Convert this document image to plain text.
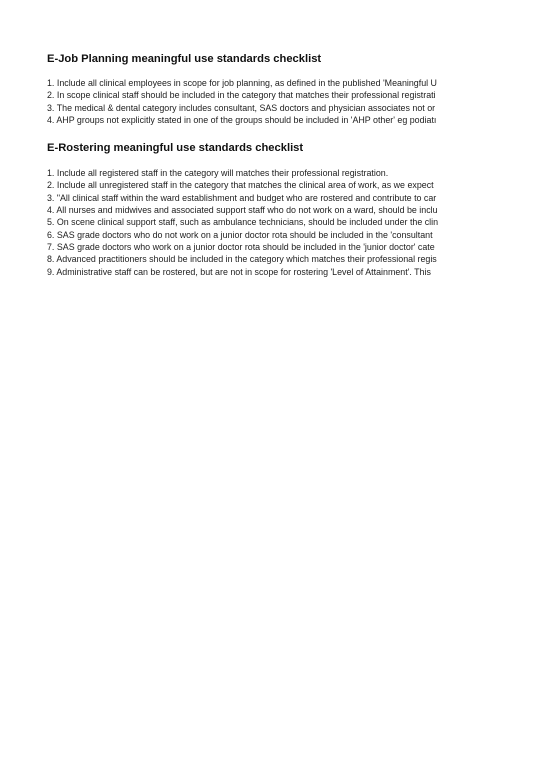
E-Job Planning meaningful use standards checklist
1. Include all clinical employees in scope for job planning, as defined in the published 'Meaningful U
2. In scope clinical staff should be included in the category that matches their professional registrati
3. The medical & dental category includes consultant, SAS doctors and physician associates not or
4. AHP groups not explicitly stated in one of the groups should be included in 'AHP other' eg podiatı
E-Rostering meaningful use standards checklist
1. Include all registered staff in the category will matches their professional registration.
2. Include all unregistered staff in the category that matches the clinical area of work, as we expect
3. "All clinical staff within the ward establishment and budget who are rostered and contribute to car
4. All nurses and midwives and associated support staff who do not work on a ward, should be inclu
5. On scene clinical support staff, such as ambulance technicians, should be included under the clin
6. SAS grade doctors who do not work on a junior doctor rota should be included in the 'consultant
7. SAS grade doctors who work on a junior doctor rota should be included in the 'junior doctor' cate
8. Advanced practitioners should be included in the category which matches their professional regis
9. Administrative staff can be rostered, but are not in scope for rostering 'Level of Attainment'. This
